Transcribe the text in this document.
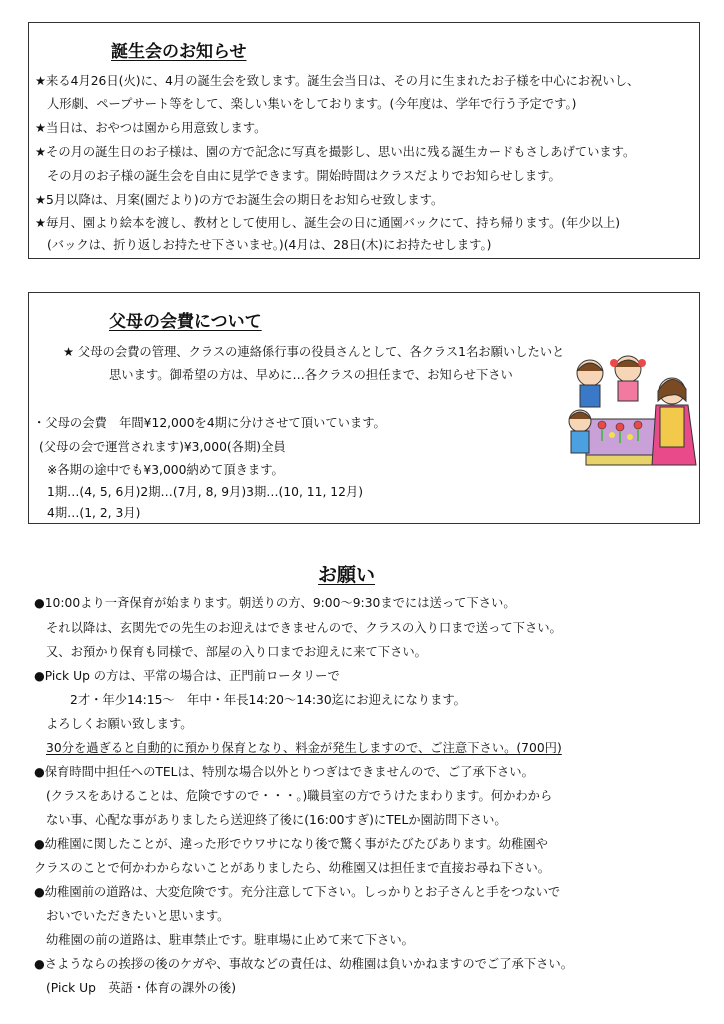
誕生会のお知らせ
★来る4月26日(火)に、4月の誕生会を致します。誕生会当日は、その月に生まれたお子様を中心にお祝いし、
人形劇、ペープサート等をして、楽しい集いをしております。(今年度は、学年で行う予定です。)
★当日は、おやつは園から用意致します。
★その月の誕生日のお子様は、園の方で記念に写真を撮影し、思い出に残る誕生カードもさしあげています。
その月のお子様の誕生会を自由に見学できます。開始時間はクラスだよりでお知らせします。
★5月以降は、月案(園だより)の方でお誕生会の期日をお知らせ致します。
★毎月、園より絵本を渡し、教材として使用し、誕生会の日に通園バックにて、持ち帰ります。(年少以上)
(バックは、折り返しお持たせ下さいませ。)(4月は、28日(木)にお持たせします。)
父母の会費について
★ 父母の会費の管理、クラスの連絡係行事の役員さんとして、各クラス1名お願いしたいと
思います。御希望の方は、早めに…各クラスの担任まで、お知らせ下さい
・父母の会費　年間¥12,000を4期に分けさせて頂いています。
(父母の会で運営されます)¥3,000(各期)全員
※各期の途中でも¥3,000納めて頂きます。
1期…(4, 5, 6月)2期…(7月, 8, 9月)3期…(10, 11, 12月)
4期…(1, 2, 3月)
お願い
●10:00より一斉保育が始まります。朝送りの方、9:00〜9:30までには送って下さい。
それ以降は、玄関先での先生のお迎えはできませんので、クラスの入り口まで送って下さい。
又、お預かり保育も同様で、部屋の入り口までお迎えに来て下さい。
●Pick Up の方は、平常の場合は、正門前ロータリーで
2才・年少14:15〜　年中・年長14:20〜14:30迄にお迎えになります。
よろしくお願い致します。
30分を過ぎると自動的に預かり保育となり、料金が発生しますので、ご注意下さい。(700円)
●保育時間中担任へのTELは、特別な場合以外とりつぎはできませんので、ご了承下さい。
(クラスをあけることは、危険ですので・・・。)職員室の方でうけたまわります。何かわから
ない事、心配な事がありましたら送迎終了後に(16:00すぎ)にTELか園訪問下さい。
●幼稚園に関したことが、違った形でウワサになり後で驚く事がたびたびあります。幼稚園や
クラスのことで何かわからないことがありましたら、幼稚園又は担任まで直接お尋ね下さい。
●幼稚園前の道路は、大変危険です。充分注意して下さい。しっかりとお子さんと手をつないで
おいでいただきたいと思います。
幼稚園の前の道路は、駐車禁止です。駐車場に止めて来て下さい。
●さようならの挨拶の後のケガや、事故などの責任は、幼稚園は負いかねますのでご了承下さい。
(Pick Up　英語・体育の課外の後)
